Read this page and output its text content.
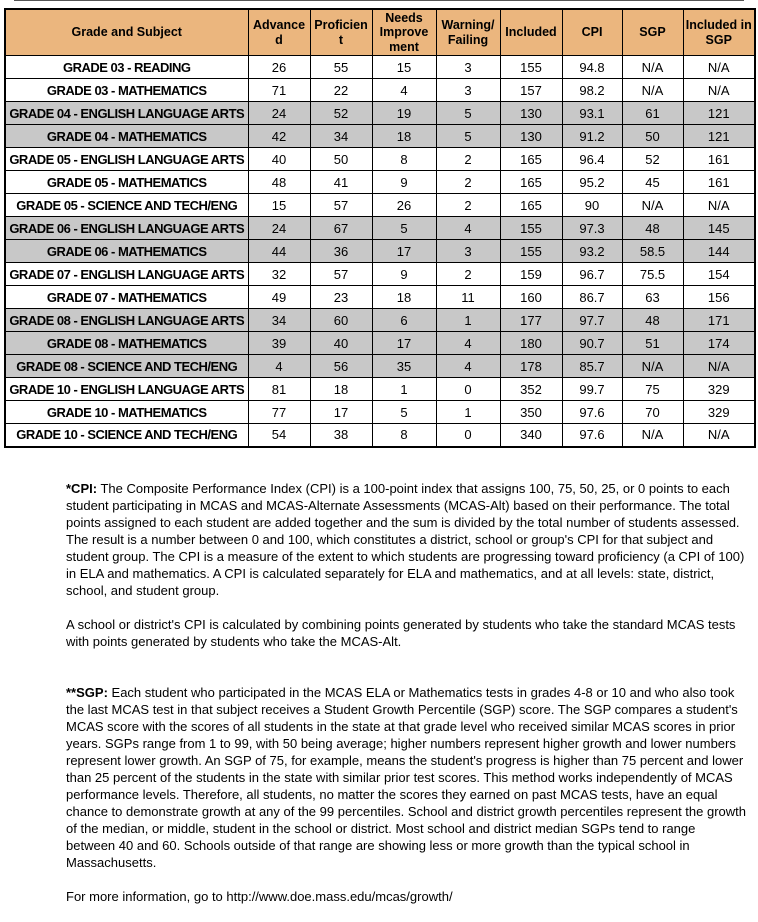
Grade and Subject	Advanced	Proficient	Needs Improvement	Warning/ Failing	Included	CPI	SGP	Included in SGP
GRADE 03 - READING	26	55	15	3	155	94.8	N/A	N/A
GRADE 03 - MATHEMATICS	71	22	4	3	157	98.2	N/A	N/A
GRADE 04 - ENGLISH LANGUAGE ARTS	24	52	19	5	130	93.1	61	121
GRADE 04 - MATHEMATICS	42	34	18	5	130	91.2	50	121
GRADE 05 - ENGLISH LANGUAGE ARTS	40	50	8	2	165	96.4	52	161
GRADE 05 - MATHEMATICS	48	41	9	2	165	95.2	45	161
GRADE 05 - SCIENCE AND TECH/ENG	15	57	26	2	165	90	N/A	N/A
GRADE 06 - ENGLISH LANGUAGE ARTS	24	67	5	4	155	97.3	48	145
GRADE 06 - MATHEMATICS	44	36	17	3	155	93.2	58.5	144
GRADE 07 - ENGLISH LANGUAGE ARTS	32	57	9	2	159	96.7	75.5	154
GRADE 07 - MATHEMATICS	49	23	18	11	160	86.7	63	156
GRADE 08 - ENGLISH LANGUAGE ARTS	34	60	6	1	177	97.7	48	171
GRADE 08 - MATHEMATICS	39	40	17	4	180	90.7	51	174
GRADE 08 - SCIENCE AND TECH/ENG	4	56	35	4	178	85.7	N/A	N/A
GRADE 10 - ENGLISH LANGUAGE ARTS	81	18	1	0	352	99.7	75	329
GRADE 10 - MATHEMATICS	77	17	5	1	350	97.6	70	329
GRADE 10 - SCIENCE AND TECH/ENG	54	38	8	0	340	97.6	N/A	N/A

*CPI: The Composite Performance Index (CPI) is a 100-point index that assigns 100, 75, 50, 25, or 0 points to each student participating in MCAS and MCAS-Alternate Assessments (MCAS-Alt) based on their performance. The total points assigned to each student are added together and the sum is divided by the total number of students assessed. The result is a number between 0 and 100, which constitutes a district, school or group's CPI for that subject and student group. The CPI is a measure of the extent to which students are progressing toward proficiency (a CPI of 100) in ELA and mathematics. A CPI is calculated separately for ELA and mathematics, and at all levels: state, district, school, and student group.

A school or district's CPI is calculated by combining points generated by students who take the standard MCAS tests with points generated by students who take the MCAS-Alt.

**SGP: Each student who participated in the MCAS ELA or Mathematics tests in grades 4-8 or 10 and who also took the last MCAS test in that subject receives a Student Growth Percentile (SGP) score. The SGP compares a student's MCAS score with the scores of all students in the state at that grade level who received similar MCAS scores in prior years. SGPs range from 1 to 99, with 50 being average; higher numbers represent higher growth and lower numbers represent lower growth. An SGP of 75, for example, means the student's progress is higher than 75 percent and lower than 25 percent of the students in the state with similar prior test scores. This method works independently of MCAS performance levels. Therefore, all students, no matter the scores they earned on past MCAS tests, have an equal chance to demonstrate growth at any of the 99 percentiles. School and district growth percentiles represent the growth of the median, or middle, student in the school or district. Most school and district median SGPs tend to range between 40 and 60. Schools outside of that range are showing less or more growth than the typical school in Massachusetts.

For more information, go to http://www.doe.mass.edu/mcas/growth/
